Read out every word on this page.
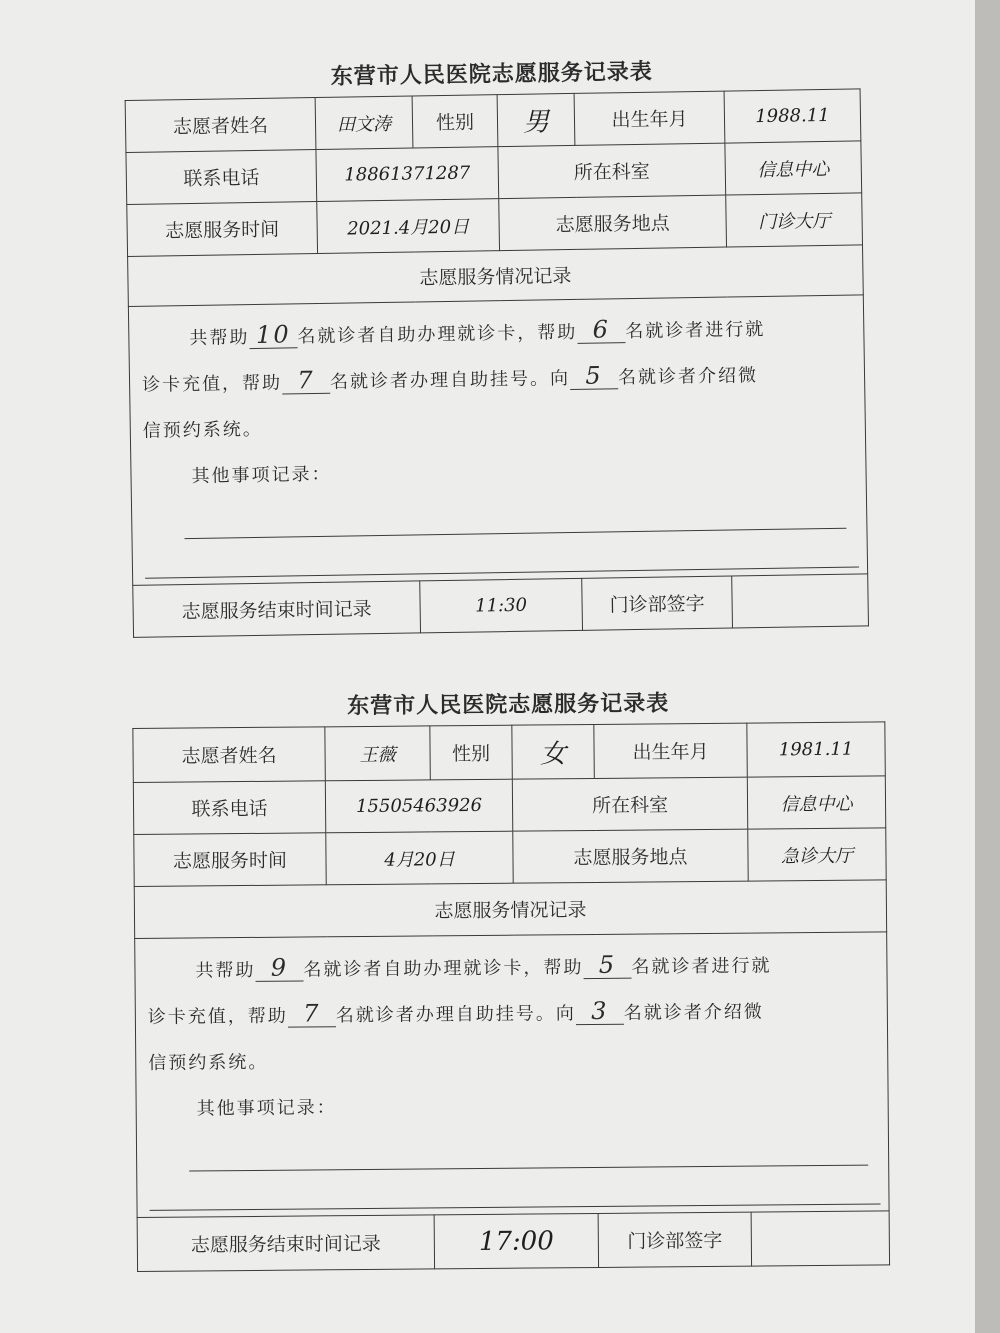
东营市人民医院志愿服务记录表
志愿者姓名	田文涛	性别	男	出生年月	1988.11
联系电话	18861371287		所在科室		信息中心
志愿服务时间	2021.4月20日		志愿服务地点		门诊大厅
志愿服务情况记录					

共帮助 10 名就诊者自助办理就诊卡，帮助 6 名就诊者进行就
诊卡充值，帮助 7 名就诊者办理自助挂号。向 5 名就诊者介绍微
信预约系统。
其他事项记录：					

志愿服务结束时间记录		11:30		门诊部签字	
东营市人民医院志愿服务记录表
志愿者姓名	王薇	性别	女	出生年月	1981.11
联系电话	15505463926		所在科室		信息中心
志愿服务时间	4月20日		志愿服务地点		急诊大厅
志愿服务情况记录					

共帮助 9 名就诊者自助办理就诊卡，帮助 5 名就诊者进行就
诊卡充值，帮助 7 名就诊者办理自助挂号。向 3 名就诊者介绍微
信预约系统。
其他事项记录：					

志愿服务结束时间记录		17:00		门诊部签字	
